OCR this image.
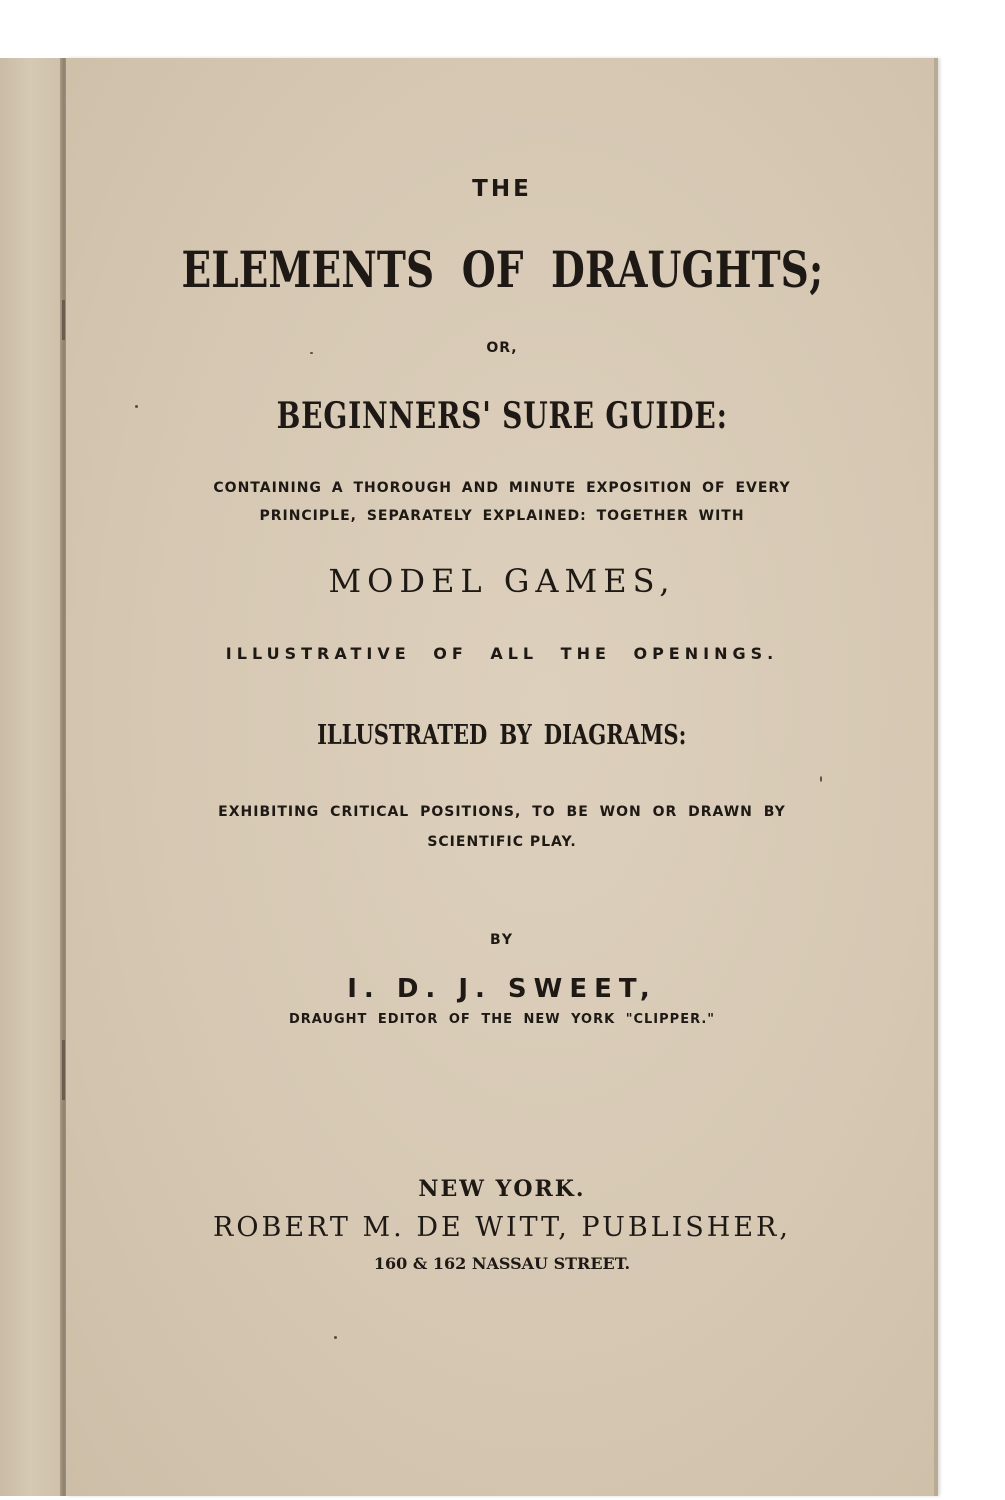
THE
ELEMENTS OF DRAUGHTS;
OR,
BEGINNERS' SURE GUIDE:
CONTAINING A THOROUGH AND MINUTE EXPOSITION OF EVERY
PRINCIPLE, SEPARATELY EXPLAINED: TOGETHER WITH
MODEL GAMES,
ILLUSTRATIVE OF ALL THE OPENINGS.
ILLUSTRATED BY DIAGRAMS:
EXHIBITING CRITICAL POSITIONS, TO BE WON OR DRAWN BY
SCIENTIFIC PLAY.
BY
I. D. J. SWEET,
DRAUGHT EDITOR OF THE NEW YORK "CLIPPER."
NEW YORK.
ROBERT M. DE WITT, PUBLISHER,
160 & 162 NASSAU STREET.
